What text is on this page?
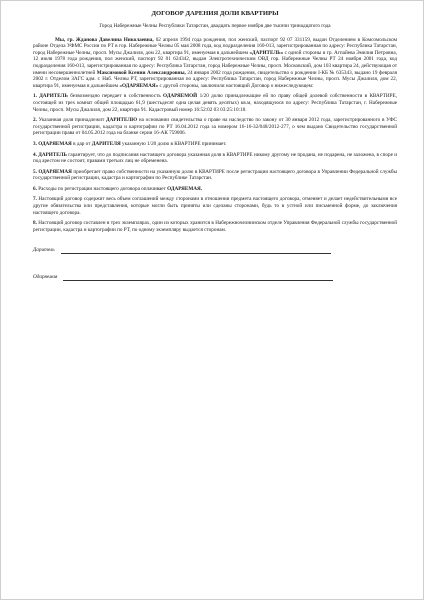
ДОГОВОР ДАРЕНИЯ ДОЛИ КВАРТИРЫ
Город Набережные Челны Республики Татарстан, двадцать первое ноября две тысячи тринадцатого года

Мы, гр. Жданова Давелина Николаевна, 02 апреля 1994 года рождения, пол женский, паспорт 92 07 331159, выдан Отделением в Комсомольском районе Отдела УФМС России по РТ в гор. Набережные Челны 05 мая 2008 года, код подразделения 160-013, зарегистрированная по адресу: Республика Татарстан, город Набережные Челны, просп. Мусы Джалиля, дом 22, квартира 91, именуемая в дальнейшем «ДАРИТЕЛЬ» с одной стороны и гр. Агпайева Эмилия Петровна, 12 июля 1978 года рождения, пол женский, паспорт 92 01 624342, выдан Электротехническим ОВД гор. Набережные Челны РТ 24 ноября 2001 года, код подразделения 160-013, зарегистрированная по адресу: Республика Татарстан, город Набережные Челны, просп. Московский, дом 103 квартира 24, действующая от имени несовершеннолетней Максимовой Ксении Александровны, 24 января 2002 года рождения, свидетельство о рождении I-КБ № 635343, выдано 19 февраля 2002 г. Отделом ЗАГС адм. г. Наб. Челны РТ, зарегистрированная по адресу: Республика Татарстан, город Набережные Челны, просп. Мусы Джалиля, дом 22, квартира 91, именуемая в дальнейшем «ОДАРЯЕМАЯ» с другой стороны, заключили настоящий Договор о нижеследующем:

1. ДАРИТЕЛЬ безвозмездно передает в собственность ОДАРЯЕМОЙ 1/20 долю принадлежащие ей по праву общей долевой собственности в КВАРТИРЕ, состоящей из трех комнат общей площадью 61,9 (шестьдесят одна целая девять десятых) кв.м, находящуюся по адресу: Республика Татарстан, г. Набережные Челны, просп. Мусы Джалиля, дом 22, квартира 91. Кадастровый номер 16:52:02 03 03:25:10:18.

2. Указанная доля принадлежит ДАРИТЕЛЮ на основании свидетельства о праве на наследство по закону от 30 января 2012 года, зарегистрированного в УФС государственной регистрации, кадастра и картографии по РТ 16.04.2012 года за номером 16-16-32/048/2012-277, о чем выдано Свидетельство государственной регистрации права от 04.05.2012 года на бланке серии 16-АК 759006.

3. ОДАРЯЕМАЯ в дар от ДАРИТЕЛЯ указанную 1/20 долю в КВАРТИРЕ принимает.

4. ДАРИТЕЛЬ гарантирует, что до подписания настоящего договора указанная доля в КВАРТИРЕ никому другому не продана, не подарена, не заложена, в споре и под арестом не состоит, правами третьих лиц не обременена.

5. ОДАРЯЕМАЯ приобретает право собственности на указанную долю в КВАРТИРЕ после регистрации настоящего договора в Управлении Федеральной службы государственной регистрации, кадастра и картографии по Республике Татарстан.

6. Расходы по регистрации настоящего договора оплачивает ОДАРЯЕМАЯ.

7. Настоящий договор содержит весь объем соглашений между сторонами в отношении предмета настоящего договора, отменяет и делает недействительными все другие обязательства или представления, которые могли быть приняты или сделаны сторонами, будь то в устной или письменной форме, до заключения настоящего договора.

8. Настоящий договор составлен в трех экземплярах, один из которых хранится в Набережночелнинском отделе Управления Федеральной службы государственной регистрации, кадастра и картографии по РТ, по одному экземпляру выдается сторонам.

Даритель
Одаряемая
